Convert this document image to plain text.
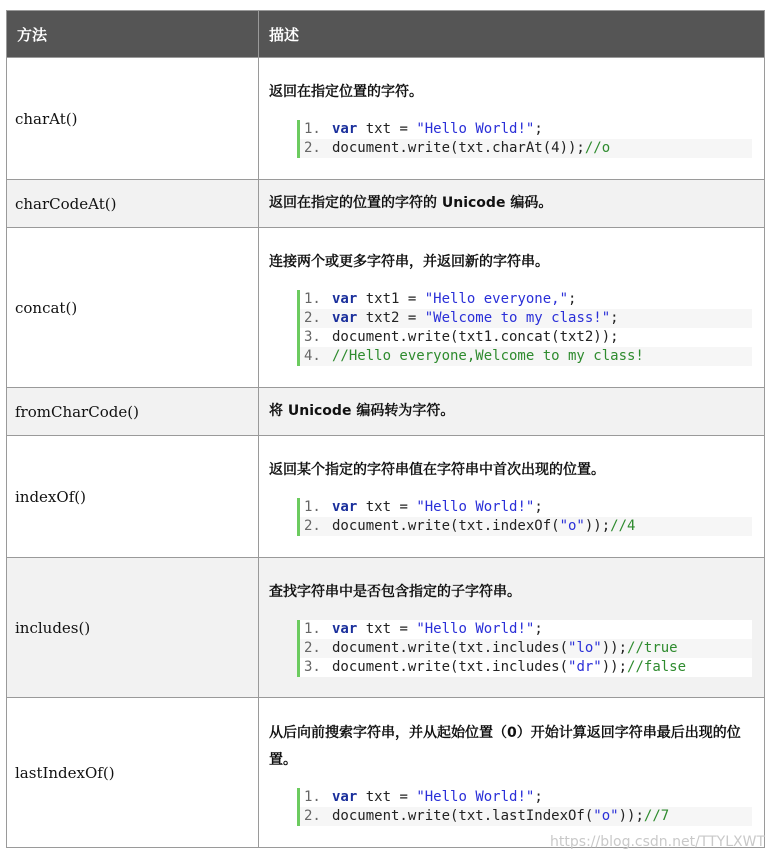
方法	描述
charAt()	返回在指定位置的字符。
1. var txt = "Hello World!";
2. document.write(txt.charAt(4));//o

charCodeAt()	返回在指定的位置的字符的 Unicode 编码。

concat()	连接两个或更多字符串，并返回新的字符串。
1. var txt1 = "Hello everyone,";
2. var txt2 = "Welcome to my class!";
3. document.write(txt1.concat(txt2));
4. //Hello everyone,Welcome to my class!

fromCharCode()	将 Unicode 编码转为字符。

indexOf()	返回某个指定的字符串值在字符串中首次出现的位置。
1. var txt = "Hello World!";
2. document.write(txt.indexOf("o"));//4

includes()	查找字符串中是否包含指定的子字符串。
1. var txt = "Hello World!";
2. document.write(txt.includes("lo"));//true
3. document.write(txt.includes("dr"));//false

lastIndexOf()	从后向前搜索字符串，并从起始位置（0）开始计算返回字符串最后出现的位置。
1. var txt = "Hello World!";
2. document.write(txt.lastIndexOf("o"));//7
https://blog.csdn.net/TTYLXWT
